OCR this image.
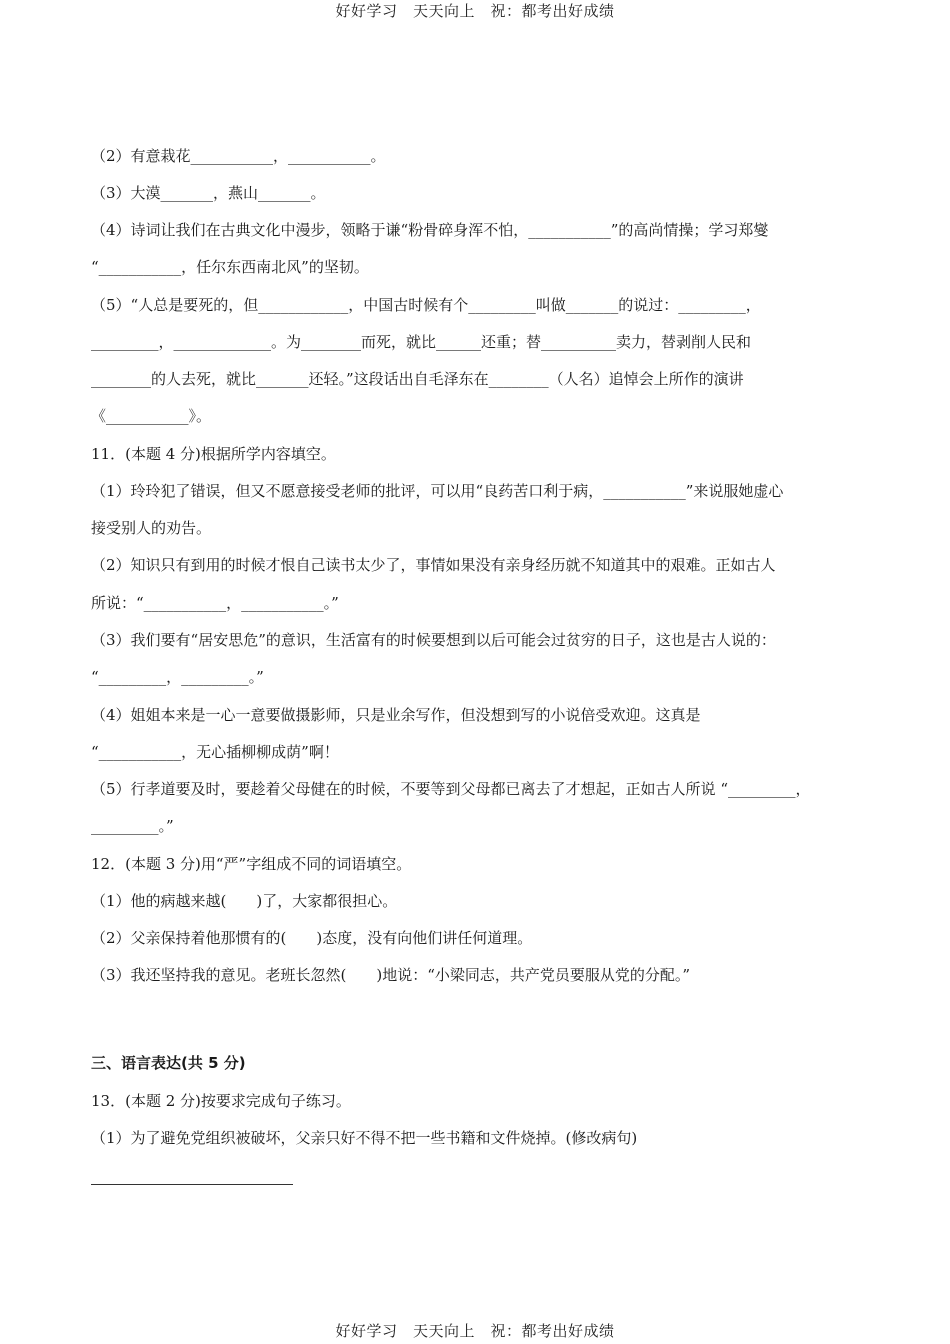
好好学习　天天向上　祝：都考出好成绩
（2）有意栽花___________，___________。
（3）大漠_______，燕山_______。
（4）诗词让我们在古典文化中漫步，领略于谦“粉骨碎身浑不怕，___________”的高尚情操；学习郑燮
“___________，任尔东西南北风”的坚韧。
（5）“人总是要死的，但____________，中国古时候有个_________叫做_______的说过：_________，
_________，_____________。为________而死，就比______还重；替__________卖力，替剥削人民和
________的人去死，就比_______还轻。”这段话出自毛泽东在________（人名）追悼会上所作的演讲
《___________》。
11．(本题 4 分)根据所学内容填空。
（1）玲玲犯了错误，但又不愿意接受老师的批评，可以用“良药苦口利于病，___________”来说服她虚心
接受别人的劝告。
（2）知识只有到用的时候才恨自己读书太少了，事情如果没有亲身经历就不知道其中的艰难。正如古人
所说：“___________，___________。”
（3）我们要有“居安思危”的意识，生活富有的时候要想到以后可能会过贫穷的日子，这也是古人说的：
“_________，_________。”
（4）姐姐本来是一心一意要做摄影师，只是业余写作，但没想到写的小说倍受欢迎。这真是
“___________，无心插柳柳成荫”啊！
（5）行孝道要及时，要趁着父母健在的时候，不要等到父母都已离去了才想起，正如古人所说 “_________，
_________。”
12．(本题 3 分)用“严”字组成不同的词语填空。
（1）他的病越来越(　　)了，大家都很担心。
（2）父亲保持着他那惯有的(　　)态度，没有向他们讲任何道理。
（3）我还坚持我的意见。老班长忽然(　　)地说：“小梁同志，共产党员要服从党的分配。”
三、语言表达(共 5 分)
13．(本题 2 分)按要求完成句子练习。
（1）为了避免党组织被破坏，父亲只好不得不把一些书籍和文件烧掉。(修改病句)
好好学习　天天向上　祝：都考出好成绩
